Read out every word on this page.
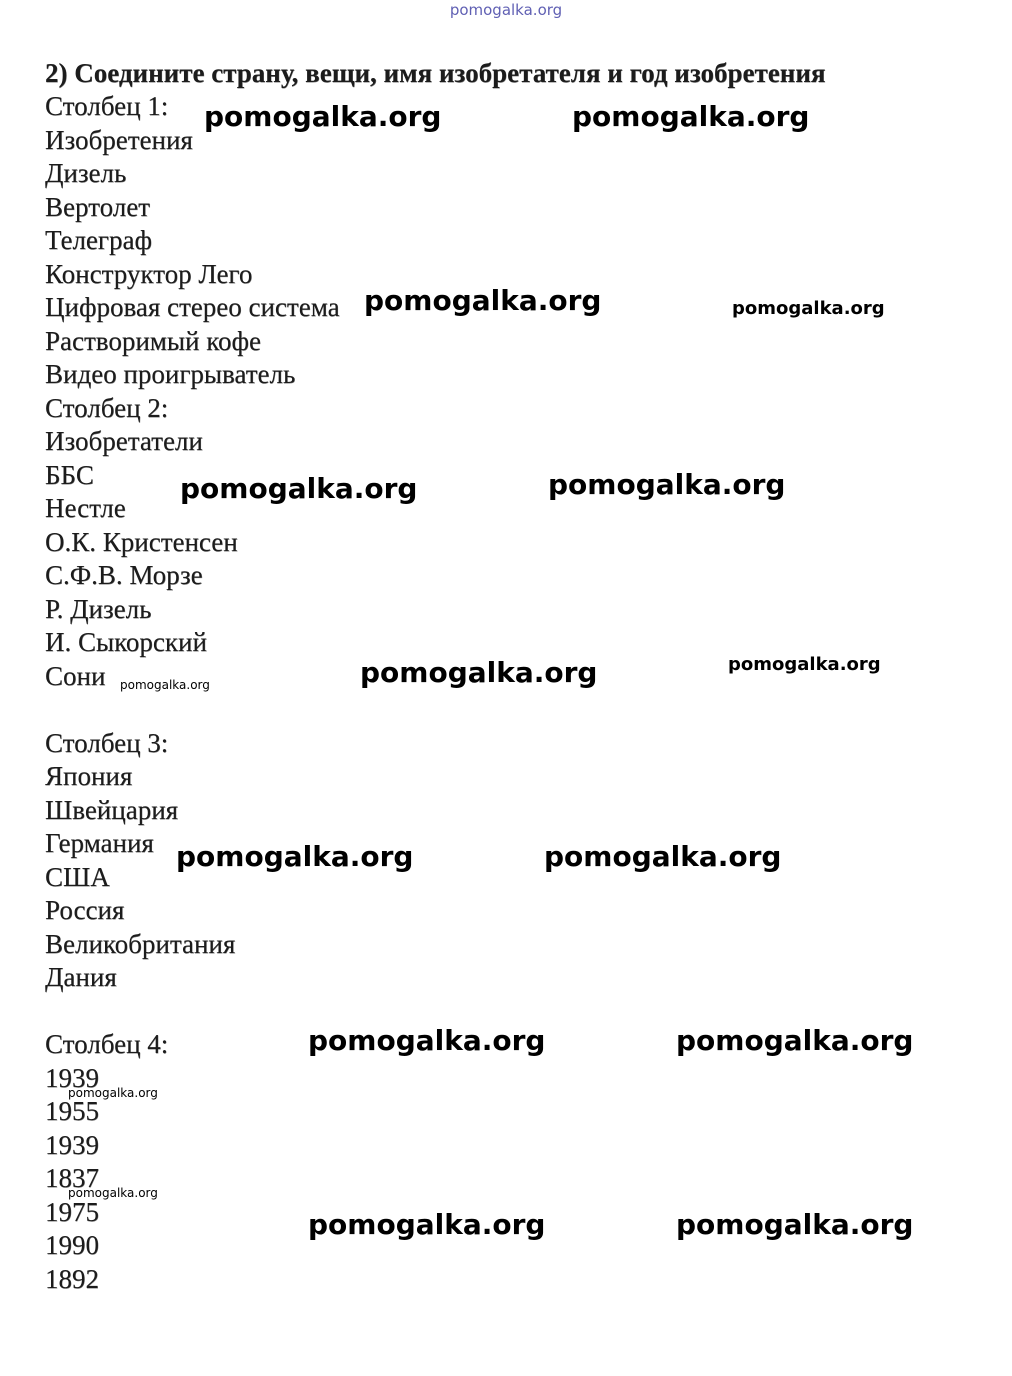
pomogalka.org
2) Соедините страну, вещи, имя изобретателя и год изобретения
Столбец 1:
Изобретения
Дизель
Вертолет
Телеграф
Конструктор Лего
Цифровая стерео система
Растворимый кофе
Видео проигрыватель
Столбец 2:
Изобретатели
ББС
Нестле
О.К. Кристенсен
С.Ф.В. Морзе
Р. Дизель
И. Сыкорский
Сони
Столбец 3:
Япония
Швейцария
Германия
США
Россия
Великобритания
Дания
Столбец 4:
1939
1955
1939
1837
1975
1990
1892
pomogalka.org	pomogalka.org
pomogalka.org	pomogalka.org
pomogalka.org	pomogalka.org
pomogalka.org	pomogalka.org
pomogalka.org
pomogalka.org	pomogalka.org
pomogalka.org	pomogalka.org
pomogalka.org
pomogalka.org
pomogalka.org	pomogalka.org
